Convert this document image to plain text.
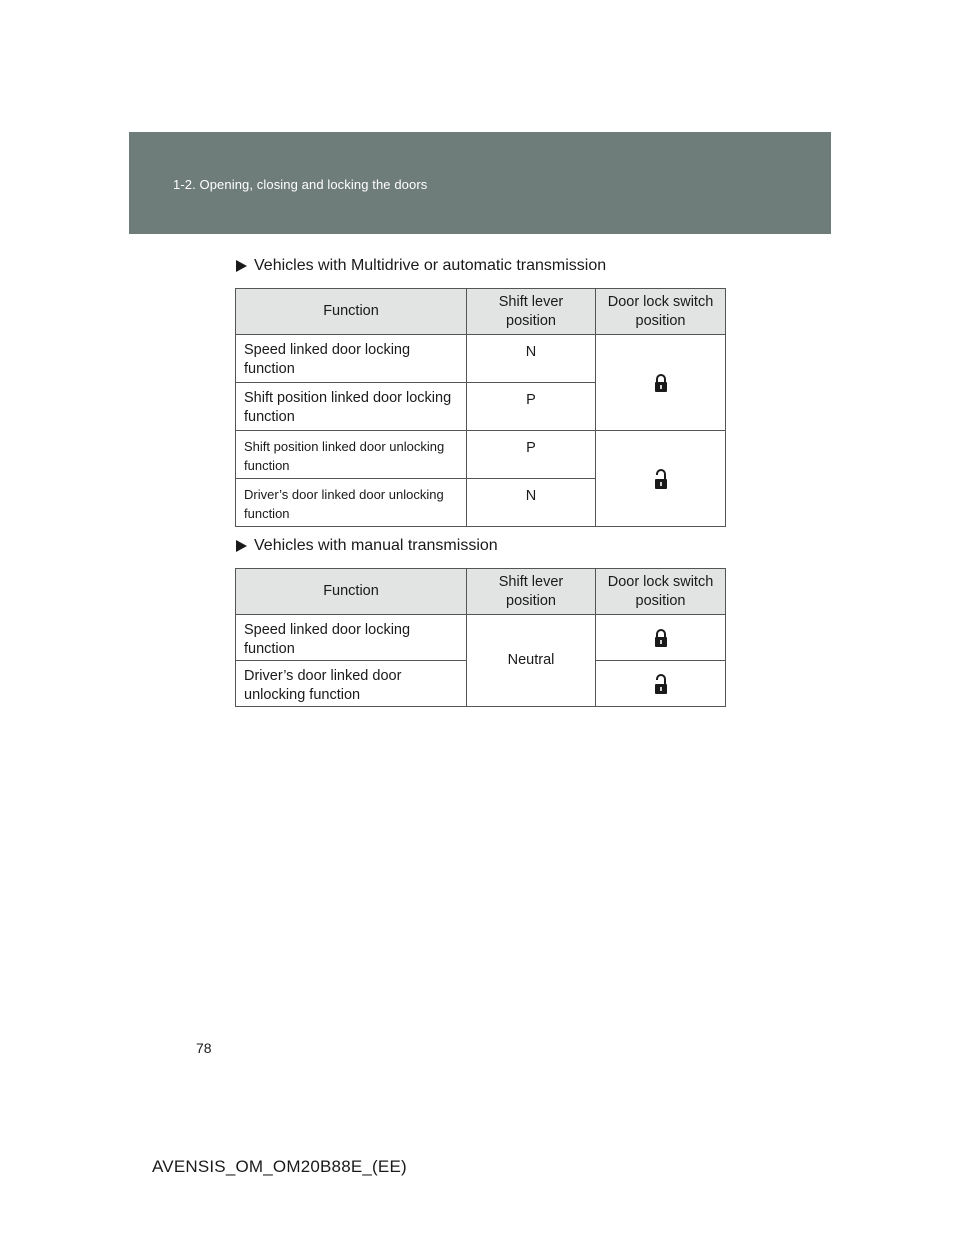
1-2. Opening, closing and locking the doors
Vehicles with Multidrive or automatic transmission
Function	Shift lever position	Door lock switch position
Speed linked door locking function	N	

Shift position linked door locking function	P	
Shift position linked door unlocking function	P	

Driver’s door linked door unlocking function	N	
Vehicles with manual transmission
Function	Shift lever position	Door lock switch position
Speed linked door locking function	Neutral	

Driver’s door linked door unlocking function	
78
AVENSIS_OM_OM20B88E_(EE)
